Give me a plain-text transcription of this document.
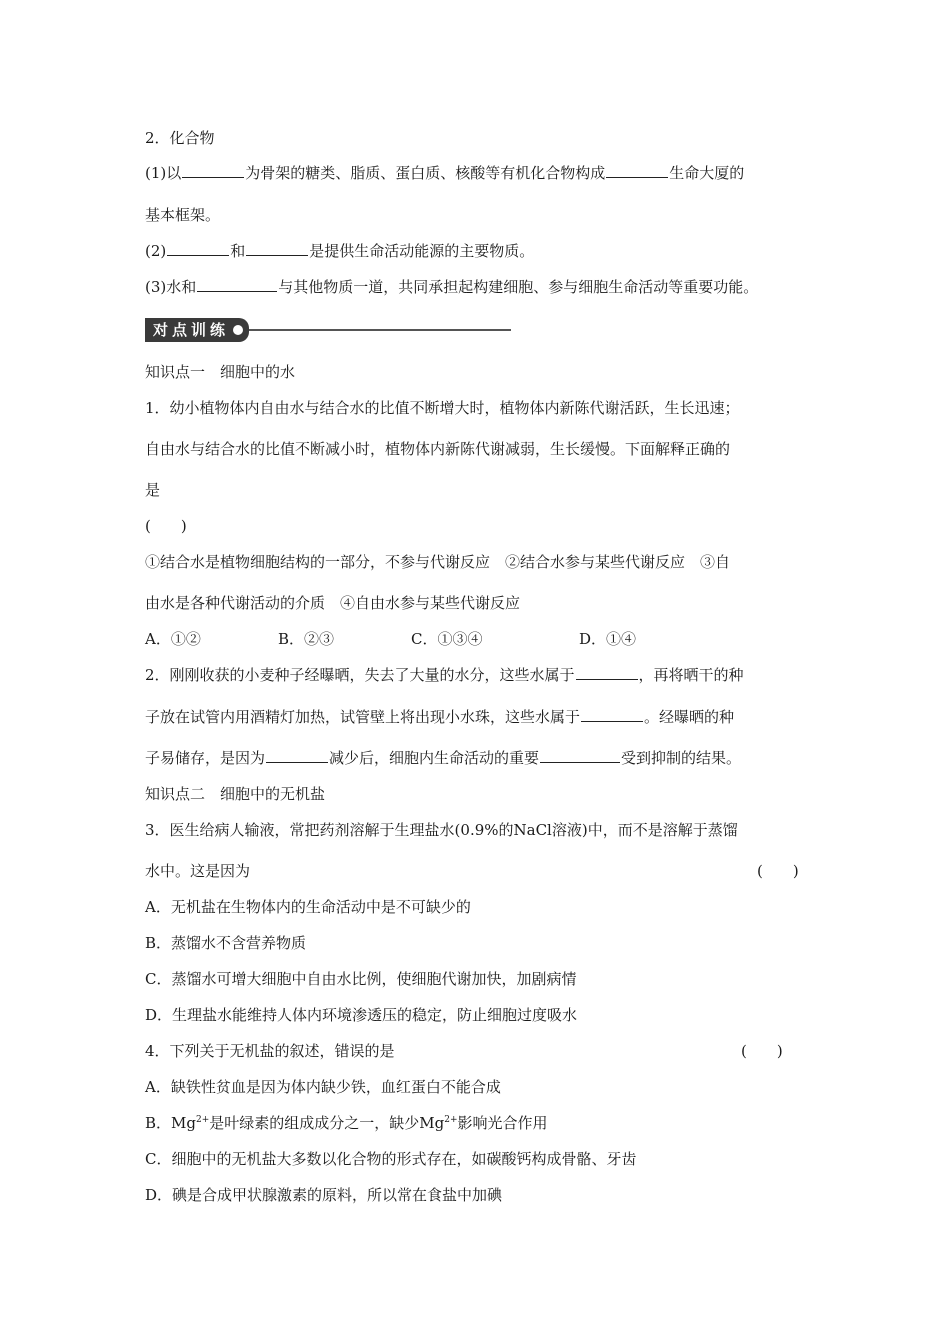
2．化合物
(1)以	为骨架的糖类、脂质、蛋白质、核酸等有机化合物构成	生命大厦的
基本框架。
(2)	和	是提供生命活动能源的主要物质。
(3)水和	与其他物质一道，共同承担起构建细胞、参与细胞生命活动等重要功能。
对点训练
知识点一　细胞中的水
1．幼小植物体内自由水与结合水的比值不断增大时，植物体内新陈代谢活跃，生长迅速；
自由水与结合水的比值不断减小时，植物体内新陈代谢减弱，生长缓慢。下面解释正确的
是
(　　)
①结合水是植物细胞结构的一部分，不参与代谢反应　②结合水参与某些代谢反应　③自
由水是各种代谢活动的介质　④自由水参与某些代谢反应
A．①②	B．②③	C．①③④	D．①④
2．刚刚收获的小麦种子经曝晒，失去了大量的水分，这些水属于	，再将晒干的种
子放在试管内用酒精灯加热，试管壁上将出现小水珠，这些水属于	。经曝晒的种
子易储存，是因为	减少后，细胞内生命活动的重要	受到抑制的结果。
知识点二　细胞中的无机盐
3．医生给病人输液，常把药剂溶解于生理盐水(0.9%的NaCl溶液)中，而不是溶解于蒸馏
水中。这是因为	(　　)
A．无机盐在生物体内的生命活动中是不可缺少的
B．蒸馏水不含营养物质
C．蒸馏水可增大细胞中自由水比例，使细胞代谢加快，加剧病情
D．生理盐水能维持人体内环境渗透压的稳定，防止细胞过度吸水
4．下列关于无机盐的叙述，错误的是	(　　)
A．缺铁性贫血是因为体内缺少铁，血红蛋白不能合成
B．$Mg^{2+}$是叶绿素的组成成分之一，缺少$Mg^{2+}$影响光合作用
C．细胞中的无机盐大多数以化合物的形式存在，如碳酸钙构成骨骼、牙齿
D．碘是合成甲状腺激素的原料，所以常在食盐中加碘
